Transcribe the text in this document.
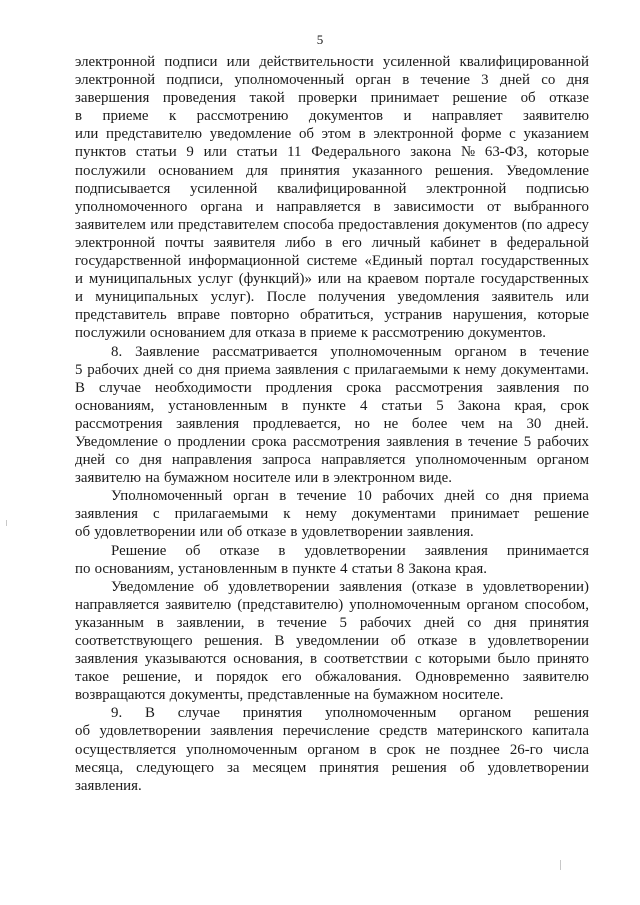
5
электронной подписи или действительности усиленной квалифицированной
электронной подписи, уполномоченный орган в течение 3 дней со дня
завершения проведения такой проверки принимает решение об отказе
в приеме к рассмотрению документов и направляет заявителю
или представителю уведомление об этом в электронной форме с указанием
пунктов статьи 9 или статьи 11 Федерального закона № 63-ФЗ, которые
послужили основанием для принятия указанного решения. Уведомление
подписывается усиленной квалифицированной электронной подписью
уполномоченного органа и направляется в зависимости от выбранного
заявителем или представителем способа предоставления документов (по адресу
электронной почты заявителя либо в его личный кабинет в федеральной
государственной информационной системе «Единый портал государственных
и муниципальных услуг (функций)» или на краевом портале государственных
и муниципальных услуг). После получения уведомления заявитель или
представитель вправе повторно обратиться, устранив нарушения, которые
послужили основанием для отказа в приеме к рассмотрению документов.
8. Заявление рассматривается уполномоченным органом в течение
5 рабочих дней со дня приема заявления с прилагаемыми к нему документами.
В случае необходимости продления срока рассмотрения заявления по
основаниям, установленным в пункте 4 статьи 5 Закона края, срок
рассмотрения заявления продлевается, но не более чем на 30 дней.
Уведомление о продлении срока рассмотрения заявления в течение 5 рабочих
дней со дня направления запроса направляется уполномоченным органом
заявителю на бумажном носителе или в электронном виде.
Уполномоченный орган в течение 10 рабочих дней со дня приема
заявления с прилагаемыми к нему документами принимает решение
об удовлетворении или об отказе в удовлетворении заявления.
Решение об отказе в удовлетворении заявления принимается
по основаниям, установленным в пункте 4 статьи 8 Закона края.
Уведомление об удовлетворении заявления (отказе в удовлетворении)
направляется заявителю (представителю) уполномоченным органом способом,
указанным в заявлении, в течение 5 рабочих дней со дня принятия
соответствующего решения. В уведомлении об отказе в удовлетворении
заявления указываются основания, в соответствии с которыми было принято
такое решение, и порядок его обжалования. Одновременно заявителю
возвращаются документы, представленные на бумажном носителе.
9. В случае принятия уполномоченным органом решения
об удовлетворении заявления перечисление средств материнского капитала
осуществляется уполномоченным органом в срок не позднее 26-го числа
месяца, следующего за месяцем принятия решения об удовлетворении
заявления.
